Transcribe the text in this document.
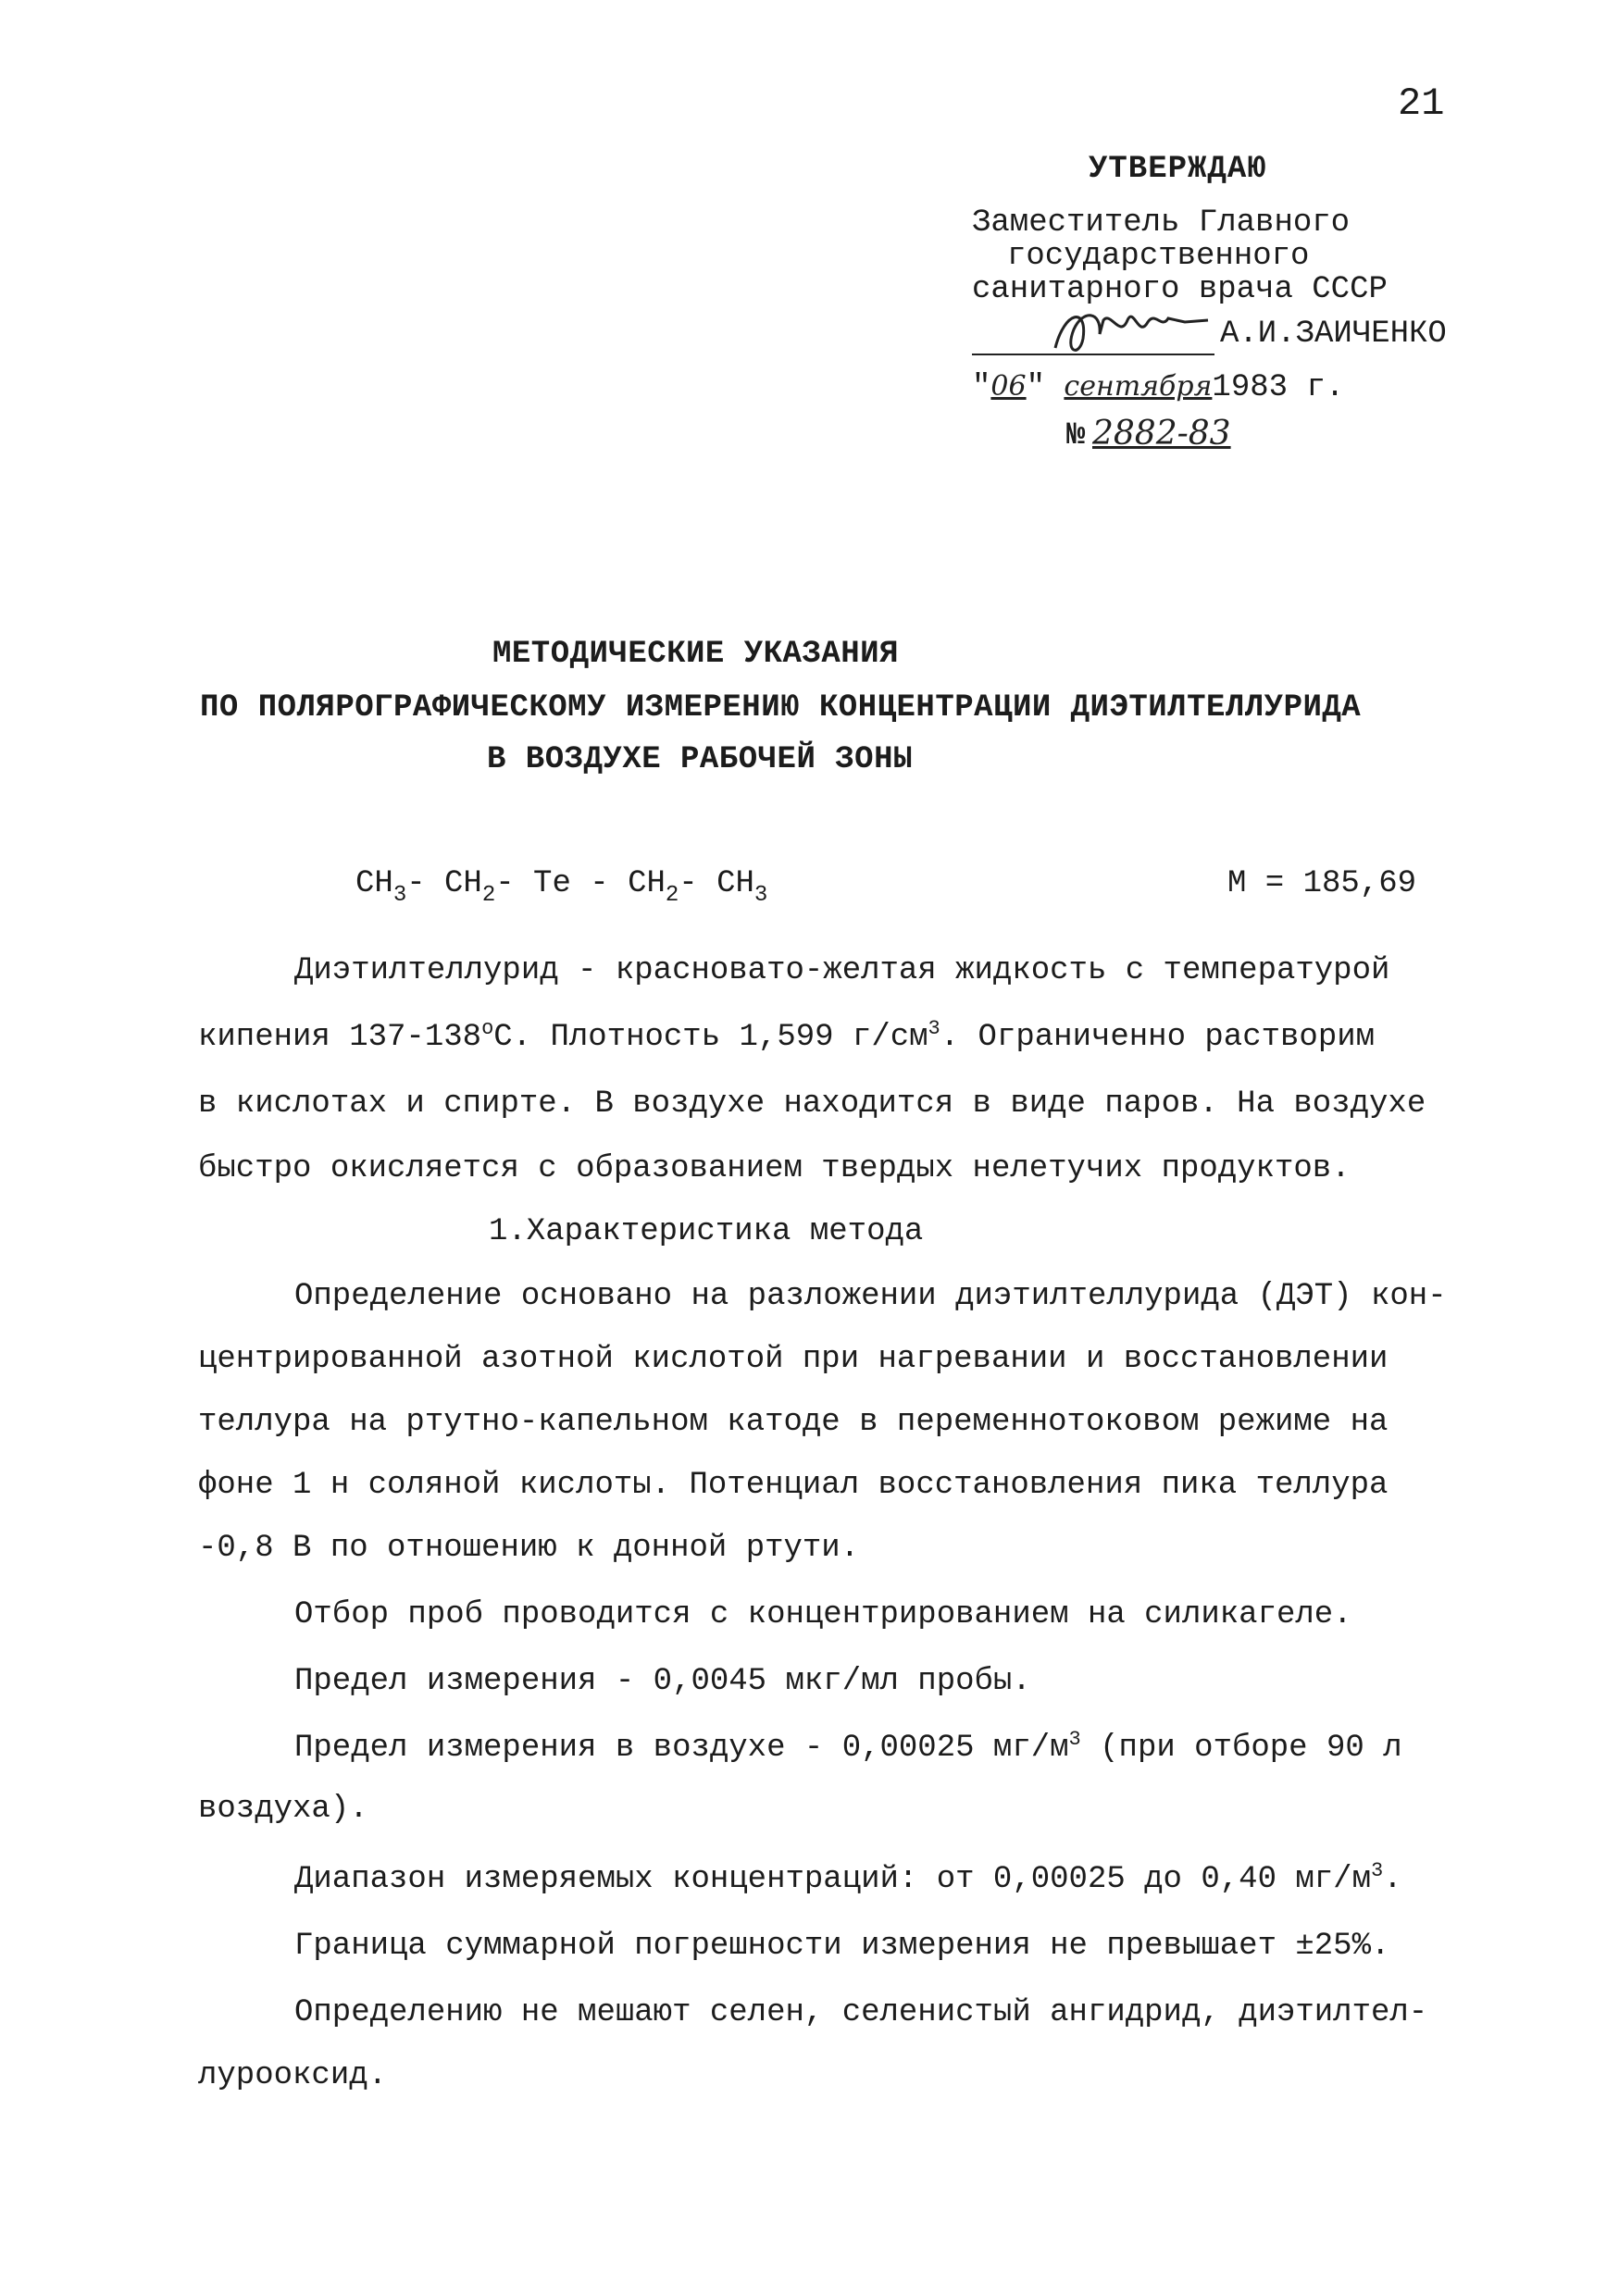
21
УТВЕРЖДАЮ
Заместитель Главного
государственного
санитарного врача СССР
А.И.ЗАИЧЕНКО
"06" сентября1983 г.
№ 2882-83
МЕТОДИЧЕСКИЕ УКАЗАНИЯ
ПО ПОЛЯРОГРАФИЧЕСКОМУ ИЗМЕРЕНИЮ КОНЦЕНТРАЦИИ ДИЭТИЛТЕЛЛУРИДА
В ВОЗДУХЕ РАБОЧЕЙ ЗОНЫ
$CH_3-$ $CH_2-$ Te - $CH_2-$ $CH_3$	M = 185,69
Диэтилтеллурид - красновато-желтая жидкость с температурой
кипения 137-138$^o$С. Плотность 1,599 $г/см^3$. Ограниченно растворим
в кислотах и спирте. В воздухе находится в виде паров. На воздухе
быстро окисляется с образованием твердых нелетучих продуктов.
1.Характеристика метода
Определение основано на разложении диэтилтеллурида (ДЭТ) кон-
центрированной азотной кислотой при нагревании и восстановлении
теллура на ртутно-капельном катоде в переменнотоковом режиме на
фоне 1 н соляной кислоты. Потенциал восстановления пика теллура
-0,8 В по отношению к донной ртути.
Отбор проб проводится с концентрированием на силикагеле.
Предел измерения - 0,0045 мкг/мл пробы.
Предел измерения в воздухе - 0,00025 $мг/м^3$ (при отборе 90 л
воздуха).
Диапазон измеряемых концентраций: от 0,00025 до 0,40 $мг/м^3$.
Граница суммарной погрешности измерения не превышает ±25%.
Определению не мешают селен, селенистый ангидрид, диэтилтел-
лурооксид.
